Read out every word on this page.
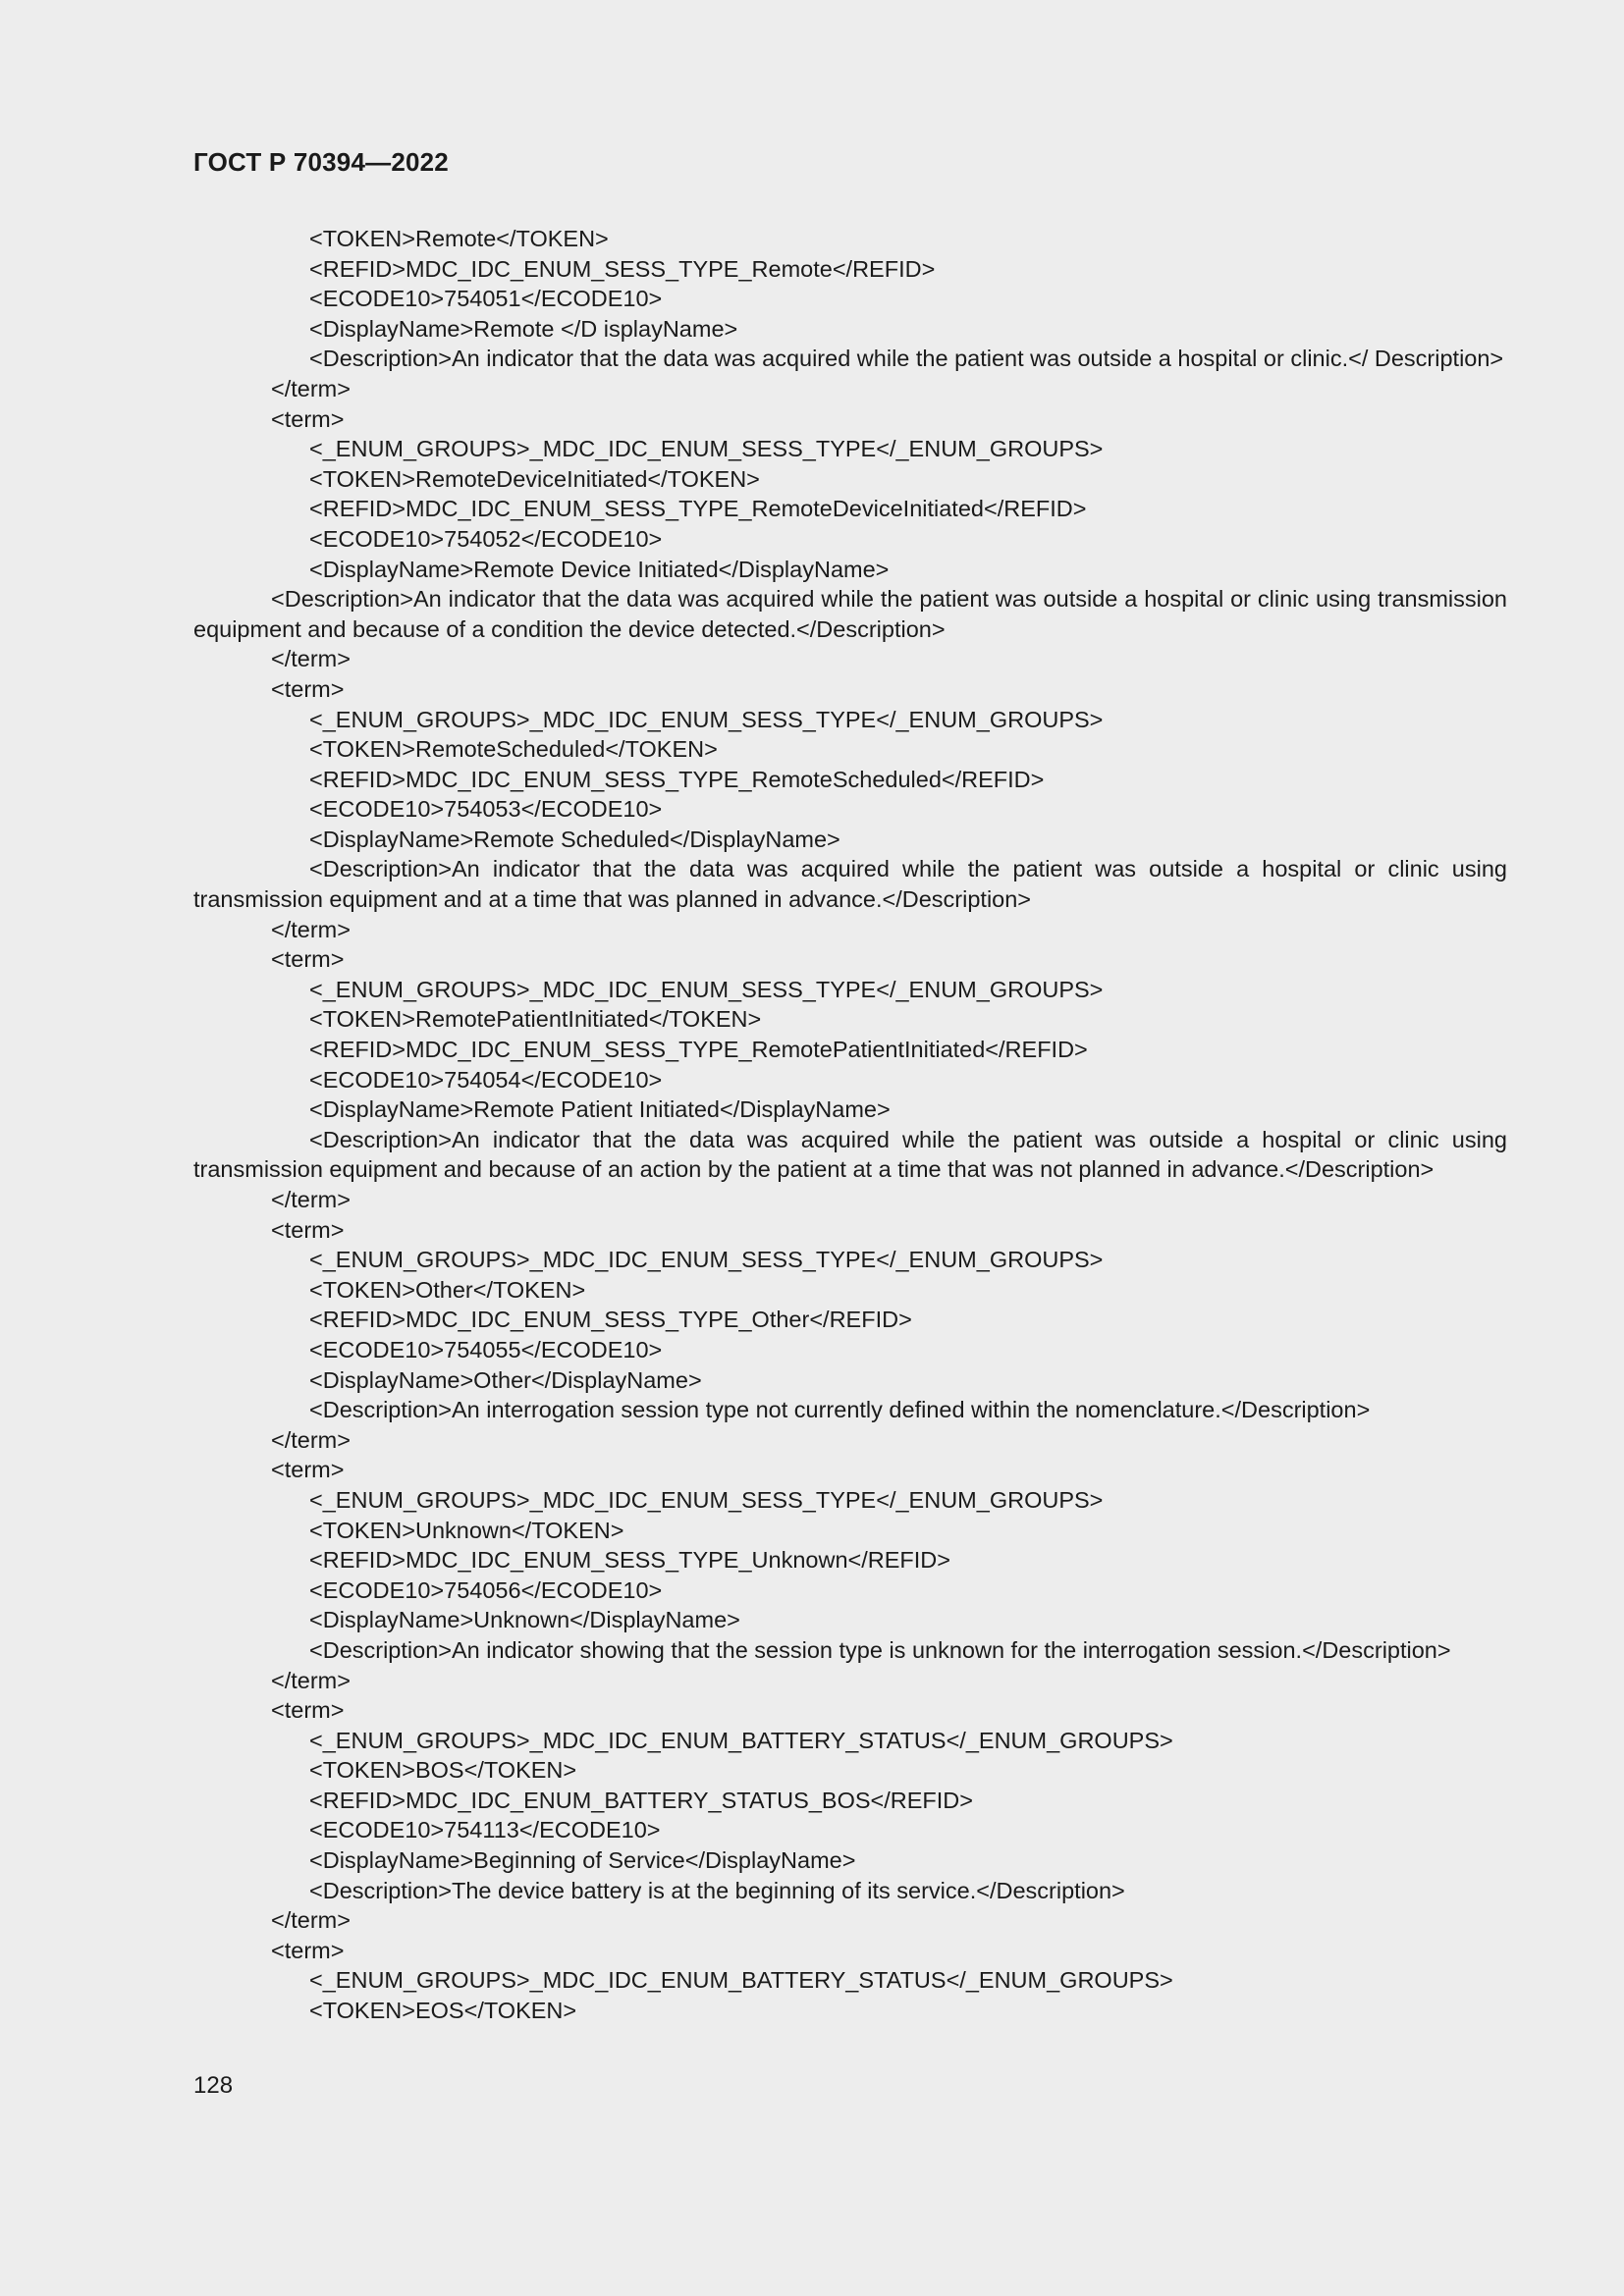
ГОСТ Р 70394—2022
<TOKEN>Remote</TOKEN>
<REFID>MDC_IDC_ENUM_SESS_TYPE_Remote</REFID>
<ECODE10>754051</ECODE10>
<DisplayName>Remote </D isplayName>
<Description>An indicator that the data was acquired while the patient was outside a hospital or clinic.</ Description>
</term>
<term>
<_ENUM_GROUPS>_MDC_IDC_ENUM_SESS_TYPE</_ENUM_GROUPS>
<TOKEN>RemoteDeviceInitiated</TOKEN>
<REFID>MDC_IDC_ENUM_SESS_TYPE_RemoteDeviceInitiated</REFID>
<ECODE10>754052</ECODE10>
<DisplayName>Remote Device Initiated</DisplayName>
<Description>An indicator that the data was acquired while the patient was outside a hospital or clinic using transmission equipment and because of a condition the device detected.</Description>
</term>
<term>
<_ENUM_GROUPS>_MDC_IDC_ENUM_SESS_TYPE</_ENUM_GROUPS>
<TOKEN>RemoteScheduled</TOKEN>
<REFID>MDC_IDC_ENUM_SESS_TYPE_RemoteScheduled</REFID>
<ECODE10>754053</ECODE10>
<DisplayName>Remote Scheduled</DisplayName>
<Description>An indicator that the data was acquired while the patient was outside a hospital or clinic using transmission equipment and at a time that was planned in advance.</Description>
</term>
<term>
<_ENUM_GROUPS>_MDC_IDC_ENUM_SESS_TYPE</_ENUM_GROUPS>
<TOKEN>RemotePatientInitiated</TOKEN>
<REFID>MDC_IDC_ENUM_SESS_TYPE_RemotePatientInitiated</REFID>
<ECODE10>754054</ECODE10>
<DisplayName>Remote Patient Initiated</DisplayName>
<Description>An indicator that the data was acquired while the patient was outside a hospital or clinic using transmission equipment and because of an action by the patient at a time that was not planned in advance.</Description>
</term>
<term>
<_ENUM_GROUPS>_MDC_IDC_ENUM_SESS_TYPE</_ENUM_GROUPS>
<TOKEN>Other</TOKEN>
<REFID>MDC_IDC_ENUM_SESS_TYPE_Other</REFID>
<ECODE10>754055</ECODE10>
<DisplayName>Other</DisplayName>
<Description>An interrogation session type not currently defined within the nomenclature.</Description>
</term>
<term>
<_ENUM_GROUPS>_MDC_IDC_ENUM_SESS_TYPE</_ENUM_GROUPS>
<TOKEN>Unknown</TOKEN>
<REFID>MDC_IDC_ENUM_SESS_TYPE_Unknown</REFID>
<ECODE10>754056</ECODE10>
<DisplayName>Unknown</DisplayName>
<Description>An indicator showing that the session type is unknown for the interrogation session.</Description>
</term>
<term>
<_ENUM_GROUPS>_MDC_IDC_ENUM_BATTERY_STATUS</_ENUM_GROUPS>
<TOKEN>BOS</TOKEN>
<REFID>MDC_IDC_ENUM_BATTERY_STATUS_BOS</REFID>
<ECODE10>754113</ECODE10>
<DisplayName>Beginning of Service</DisplayName>
<Description>The device battery is at the beginning of its service.</Description>
</term>
<term>
<_ENUM_GROUPS>_MDC_IDC_ENUM_BATTERY_STATUS</_ENUM_GROUPS>
<TOKEN>EOS</TOKEN>
128
